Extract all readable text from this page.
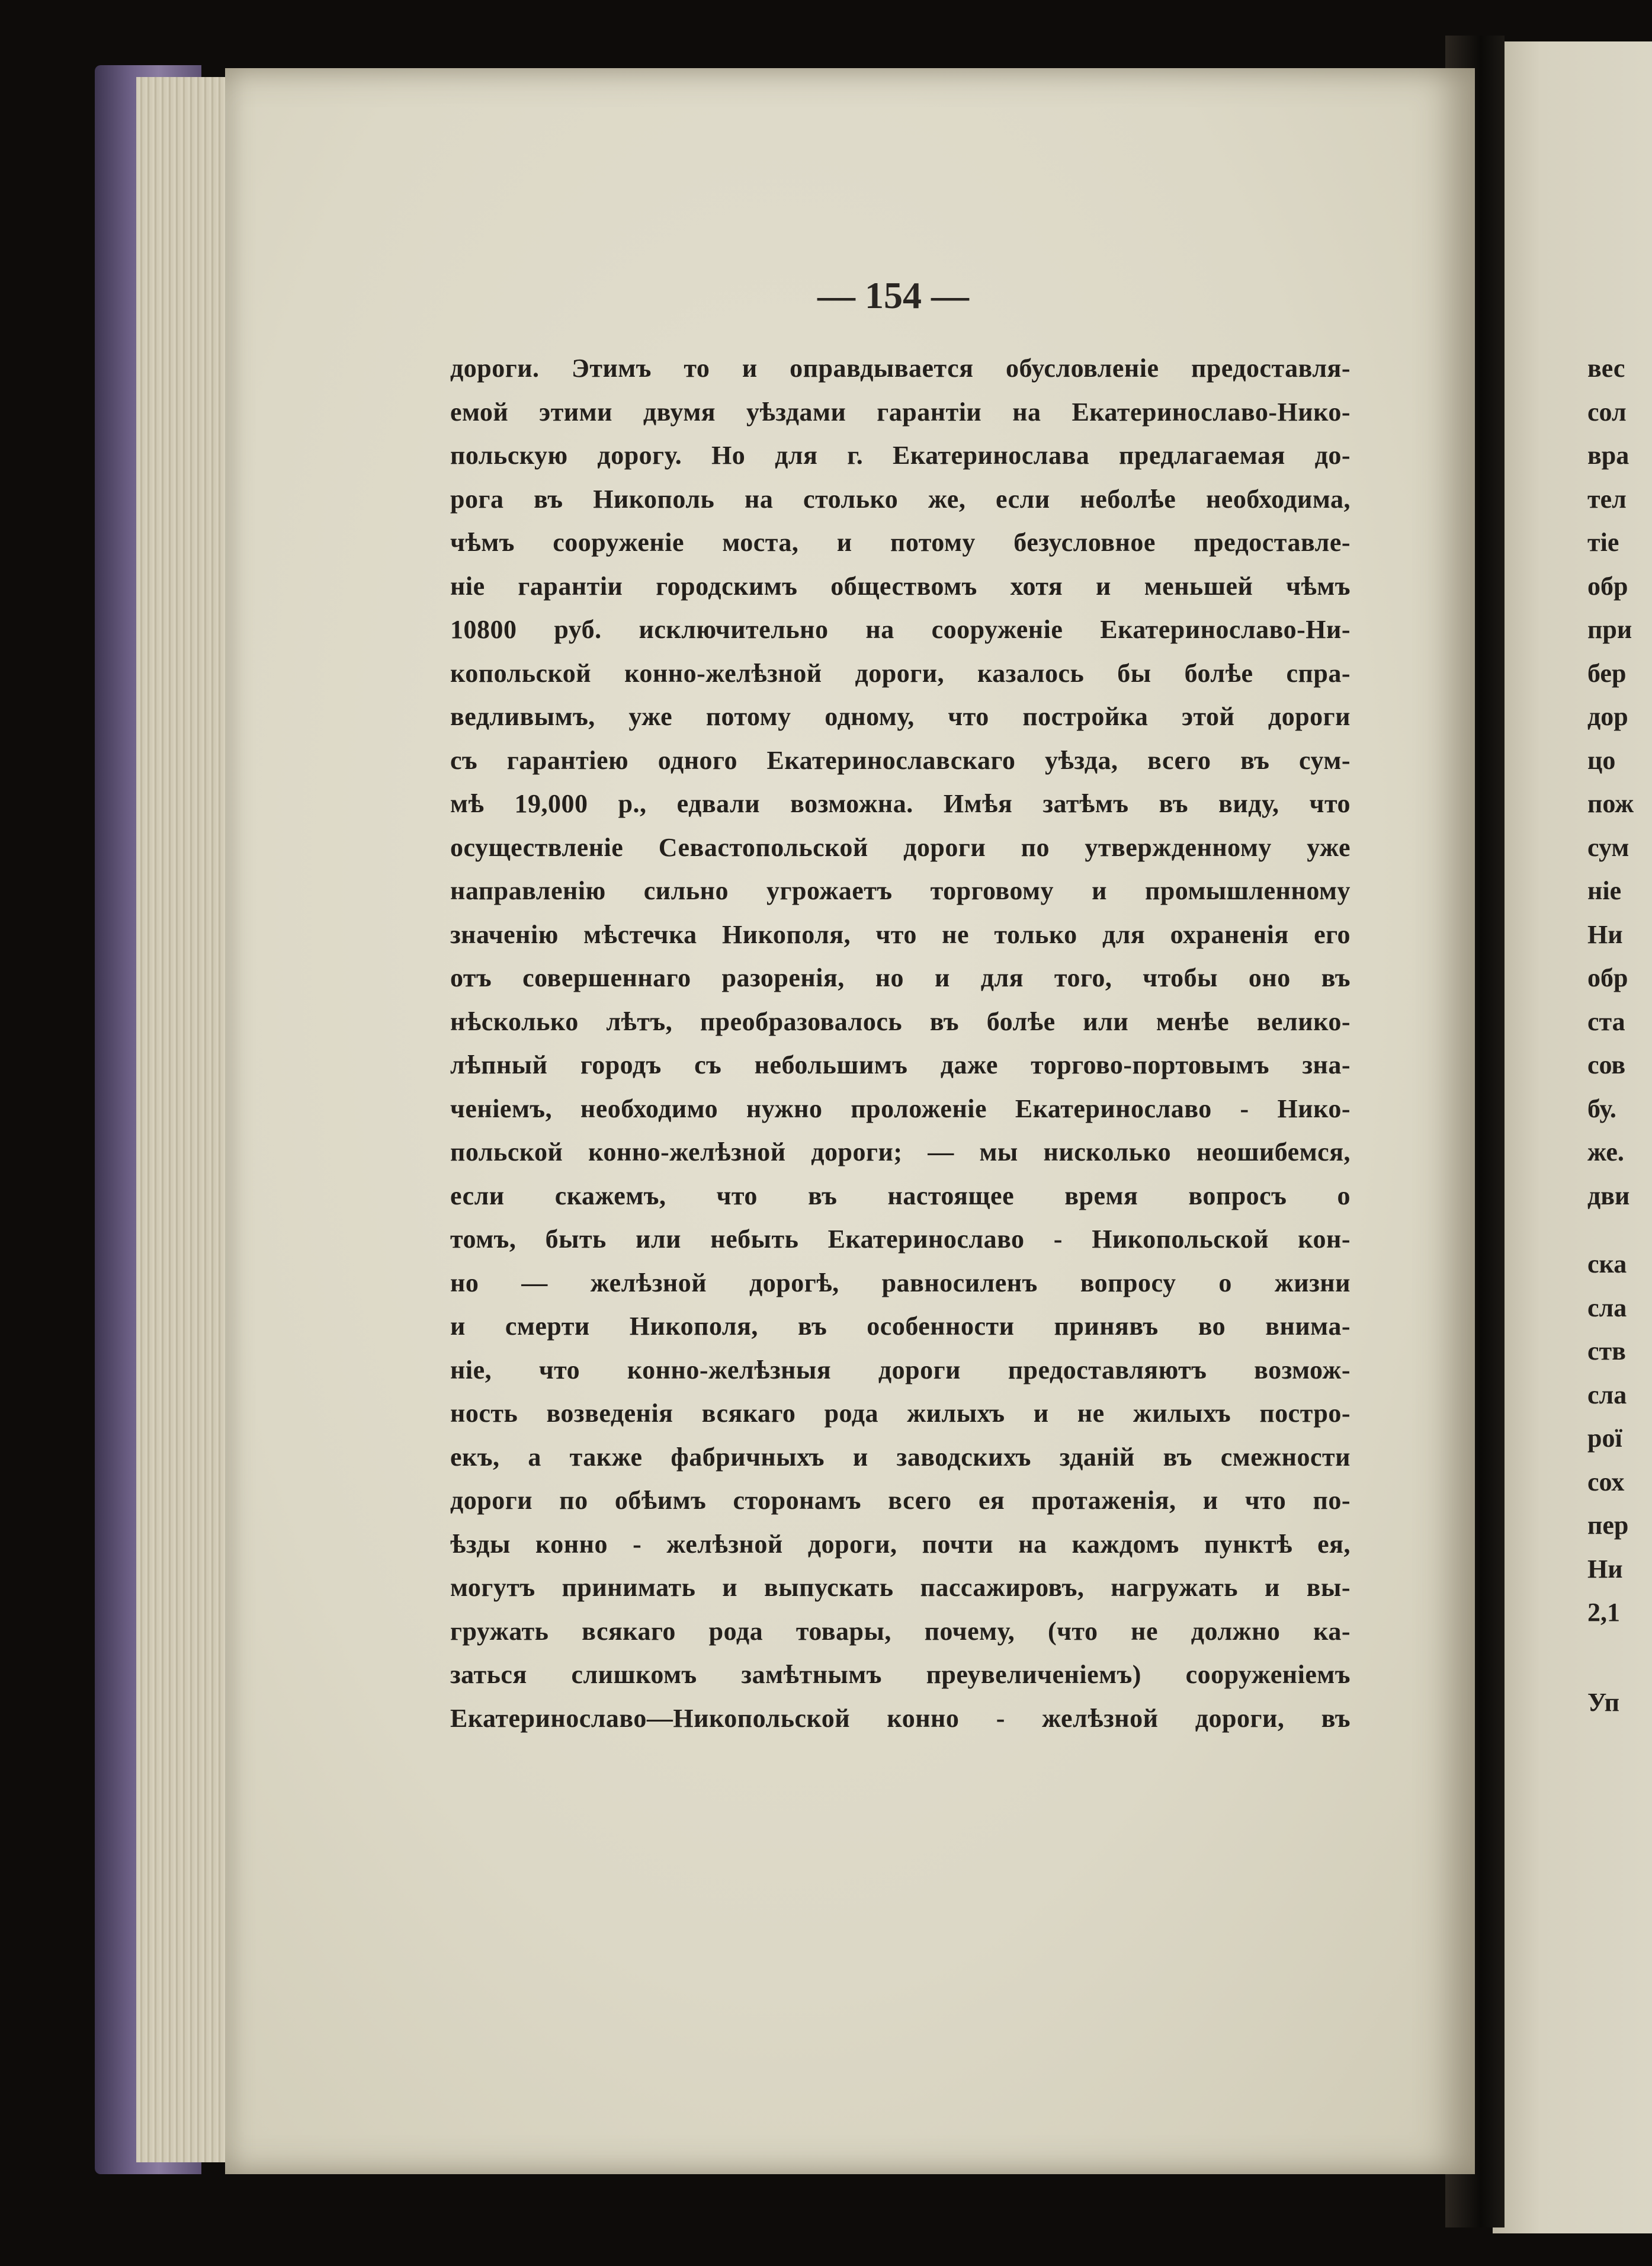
— 154 —
дороги. Этимъ то и оправдывается обусловленіе предоставля-
емой этими двумя уѣздами гарантіи на Екатеринославо-Нико-
польскую дорогу. Но для г. Екатеринослава предлагаемая до-
рога въ Никополь на столько же, если неболѣе необходима,
чѣмъ сооруженіе моста, и потому безусловное предоставле-
ніе гарантіи городскимъ обществомъ хотя и меньшей чѣмъ
10800 руб. исключительно на сооруженіе Екатеринославо-Ни-
копольской конно-желѣзной дороги, казалось бы болѣе спра-
ведливымъ, уже потому одному, что постройка этой дороги
съ гарантіею одного Екатеринославскаго уѣзда, всего въ сум-
мѣ 19,000 р., едвали возможна. Имѣя затѣмъ въ виду, что
осуществленіе Севастопольской дороги по утвержденному уже
направленію сильно угрожаетъ торговому и промышленному
значенію мѣстечка Никополя, что не только для охраненія его
отъ совершеннаго разоренія, но и для того, чтобы оно въ
нѣсколько лѣтъ, преобразовалось въ болѣе или менѣе велико-
лѣпный городъ съ небольшимъ даже торгово-портовымъ зна-
ченіемъ, необходимо нужно проложеніе Екатеринославо - Нико-
польской конно-желѣзной дороги; — мы нисколько неошибемся,
если скажемъ, что въ настоящее время вопросъ о
томъ, быть или небыть Екатеринославо - Никопольской кон-
но — желѣзной дорогѣ, равносиленъ вопросу о жизни
и смерти Никополя, въ особенности принявъ во внима-
ніе, что конно-желѣзныя дороги предоставляютъ возмож-
ность возведенія всякаго рода жилыхъ и не жилыхъ постро-
екъ, а также фабричныхъ и заводскихъ зданій въ смежности
дороги по обѣимъ сторонамъ всего ея протаженія, и что по-
ѣзды конно - желѣзной дороги, почти на каждомъ пунктѣ ея,
могутъ принимать и выпускать пассажировъ, нагружать и вы-
гружать всякаго рода товары, почему, (что не должно ка-
заться слишкомъ замѣтнымъ преувеличеніемъ) сооруженіемъ
Екатеринославо—Никопольской конно - желѣзной дороги, въ
вес
сол
вра
тел
тіе
обр
при
бер
дор
цо
пож
сум
ніе
Ни
обр
ста
сов
бу.
же.
дви
ска
сла
ств
сла
рої
сох
пер
Ни
2,1
Уп
